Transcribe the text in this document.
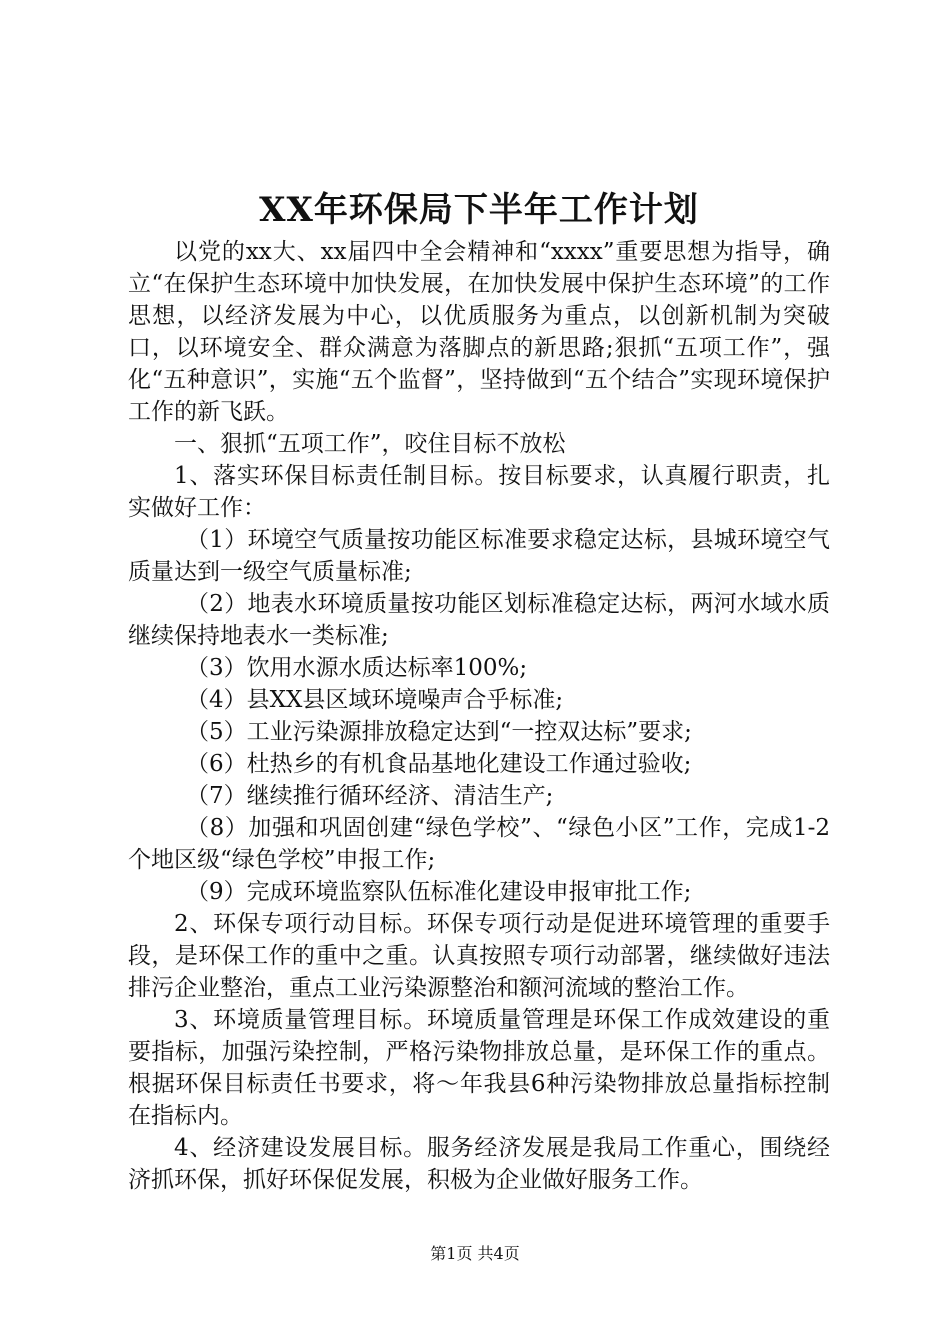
XX年环保局下半年工作计划

以党的xx大、xx届四中全会精神和“xxxx”重要思想为指导，确立“在保护生态环境中加快发展，在加快发展中保护生态环境”的工作思想，以经济发展为中心，以优质服务为重点，以创新机制为突破口，以环境安全、群众满意为落脚点的新思路;狠抓“五项工作”，强化“五种意识”，实施“五个监督”，坚持做到“五个结合”实现环境保护工作的新飞跃。

一、狠抓“五项工作”，咬住目标不放松

1、落实环保目标责任制目标。按目标要求，认真履行职责，扎实做好工作：

（1）环境空气质量按功能区标准要求稳定达标，县城环境空气质量达到一级空气质量标准;

（2）地表水环境质量按功能区划标准稳定达标，两河水域水质继续保持地表水一类标准;

（3）饮用水源水质达标率100%;

（4）县XX县区域环境噪声合乎标准;

（5）工业污染源排放稳定达到“一控双达标”要求;

（6）杜热乡的有机食品基地化建设工作通过验收;

（7）继续推行循环经济、清洁生产;

（8）加强和巩固创建“绿色学校”、“绿色小区”工作，完成1-2个地区级“绿色学校”申报工作;

（9）完成环境监察队伍标准化建设申报审批工作;

2、环保专项行动目标。环保专项行动是促进环境管理的重要手段，是环保工作的重中之重。认真按照专项行动部署，继续做好违法排污企业整治，重点工业污染源整治和额河流域的整治工作。

3、环境质量管理目标。环境质量管理是环保工作成效建设的重要指标，加强污染控制，严格污染物排放总量，是环保工作的重点。根据环保目标责任书要求，将～年我县6种污染物排放总量指标控制在指标内。

4、经济建设发展目标。服务经济发展是我局工作重心，围绕经济抓环保，抓好环保促发展，积极为企业做好服务工作。

第1页 共4页
